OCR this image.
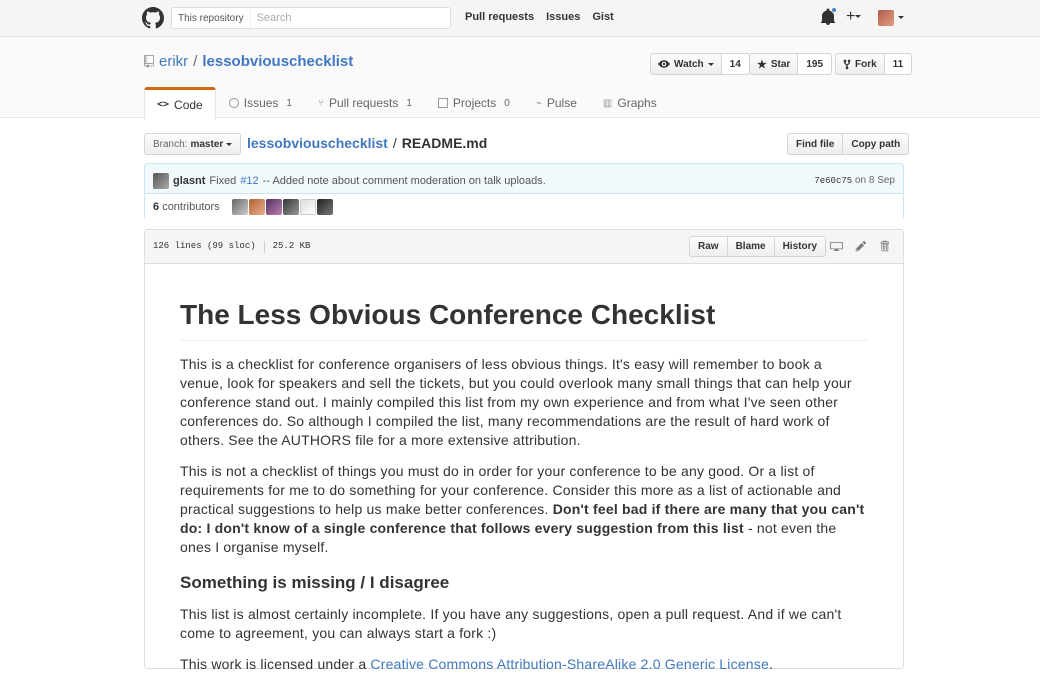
This repository
Search	Pull requests Issues Gist	+
erikr / lessobviouschecklist	Watch	14	★ Star	195	Fork	11
<> Code	Issues 1	⑂ Pull requests 1	Projects 0	⌁ Pulse	▥ Graphs
Branch: master lessobviouschecklist / README.md	Find file	Copy path
glasnt Fixed #12 -- Added note about comment moderation on talk uploads.	7e60c75 on 8 Sep
6 contributors
126 lines (99 sloc) 25.2 KB	Raw	Blame	History
The Less Obvious Conference Checklist

This is a checklist for conference organisers of less obvious things. It's easy will remember to book a venue, look for speakers and sell the tickets, but you could overlook many small things that can help your conference stand out. I mainly compiled this list from my own experience and from what I've seen other conferences do. So although I compiled the list, many recommendations are the result of hard work of others. See the AUTHORS file for a more extensive attribution.

This is not a checklist of things you must do in order for your conference to be any good. Or a list of requirements for me to do something for your conference. Consider this more as a list of actionable and practical suggestions to help us make better conferences. Don't feel bad if there are many that you can't do: I don't know of a single conference that follows every suggestion from this list - not even the ones I organise myself.

Something is missing / I disagree

This list is almost certainly incomplete. If you have any suggestions, open a pull request. And if we can't come to agreement, you can always start a fork :)

This work is licensed under a Creative Commons Attribution-ShareAlike 2.0 Generic License.
